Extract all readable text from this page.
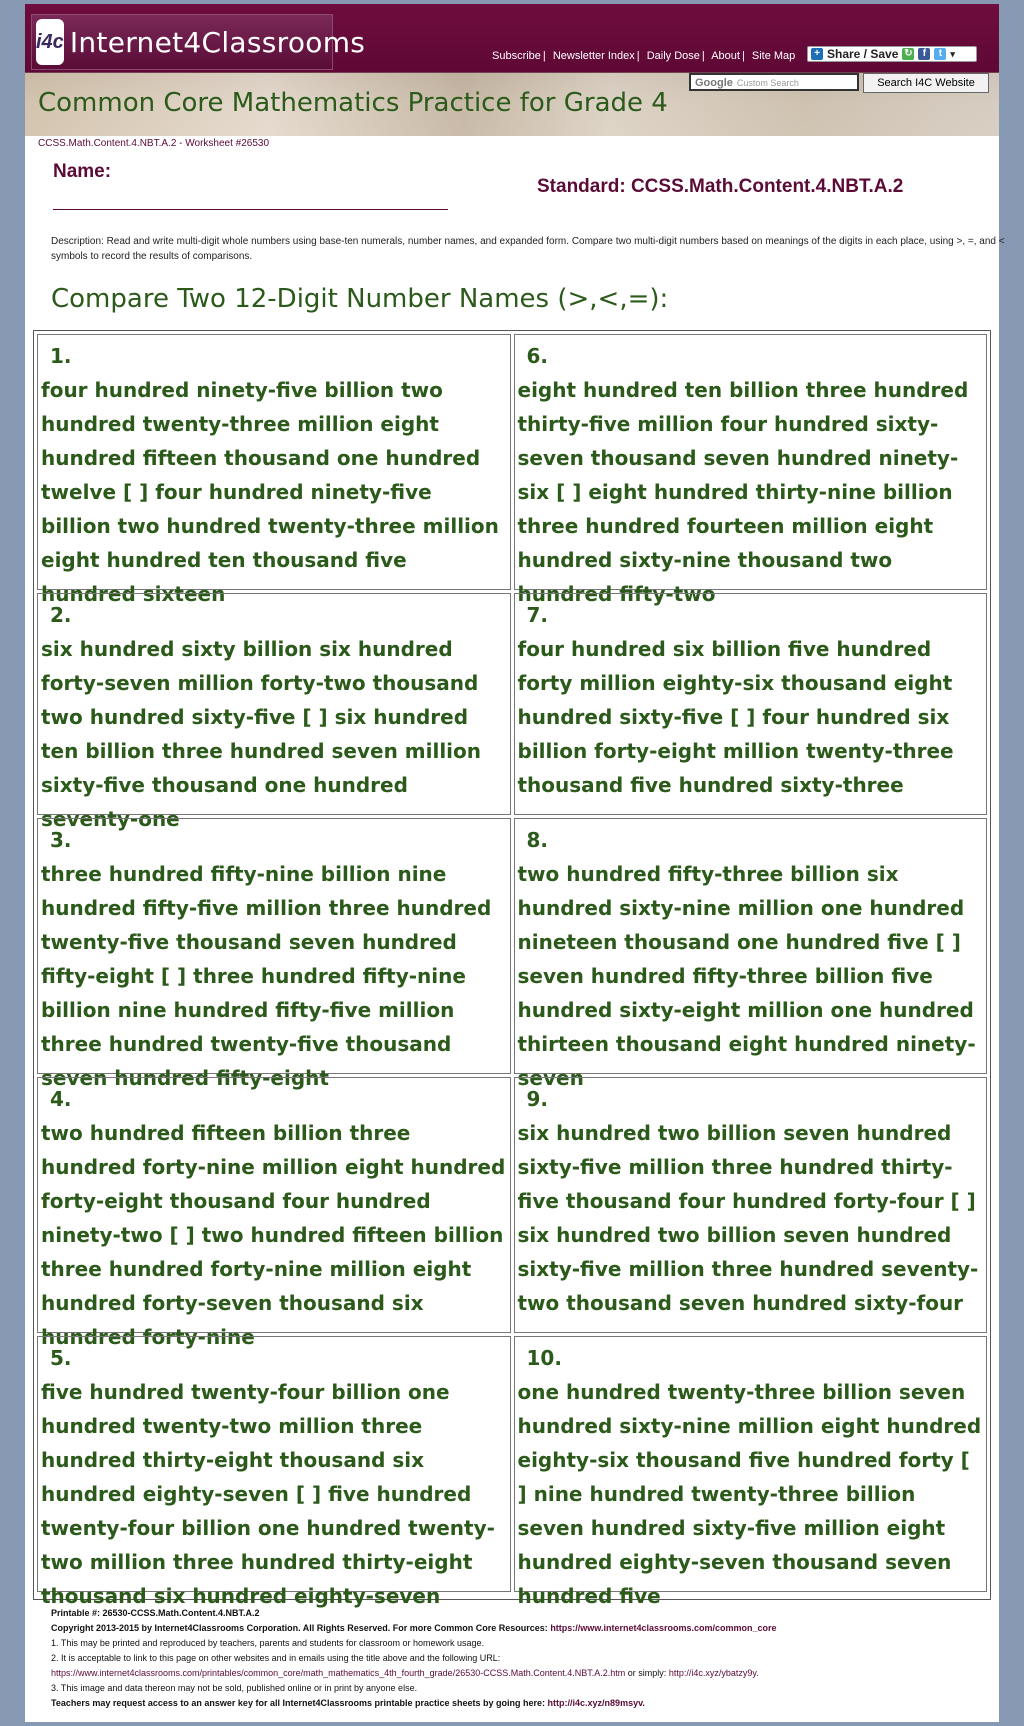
i4c Internet4Classrooms	Subscribe | Newsletter Index | Daily Dose | About | Site Map	+ Share / Save ↻	f	t ▾
Google Custom Search	Search I4C Website
Common Core Mathematics Practice for Grade 4
CCSS.Math.Content.4.NBT.A.2 - Worksheet #26530
Name:
Standard: CCSS.Math.Content.4.NBT.A.2
Description: Read and write multi-digit whole numbers using base-ten numerals, number names, and expanded form. Compare two multi-digit numbers based on meanings of the digits in each place, using >, =, and < symbols to record the results of comparisons.
Compare Two 12-Digit Number Names (>,<,=):
1.
four hundred ninety-five billion two hundred twenty-three million eight hundred fifteen thousand one hundred twelve [ ] four hundred ninety-five billion two hundred twenty-three million eight hundred ten thousand five hundred sixteen
6.
eight hundred ten billion three hundred thirty-five million four hundred sixty-seven thousand seven hundred ninety-six [ ] eight hundred thirty-nine billion three hundred fourteen million eight hundred sixty-nine thousand two hundred fifty-two
2.
six hundred sixty billion six hundred forty-seven million forty-two thousand two hundred sixty-five [ ] six hundred ten billion three hundred seven million sixty-five thousand one hundred seventy-one
7.
four hundred six billion five hundred forty million eighty-six thousand eight hundred sixty-five [ ] four hundred six billion forty-eight million twenty-three thousand five hundred sixty-three
3.
three hundred fifty-nine billion nine hundred fifty-five million three hundred twenty-five thousand seven hundred fifty-eight [ ] three hundred fifty-nine billion nine hundred fifty-five million three hundred twenty-five thousand seven hundred fifty-eight
8.
two hundred fifty-three billion six hundred sixty-nine million one hundred nineteen thousand one hundred five [ ] seven hundred fifty-three billion five hundred sixty-eight million one hundred thirteen thousand eight hundred ninety-seven
4.
two hundred fifteen billion three hundred forty-nine million eight hundred forty-eight thousand four hundred ninety-two [ ] two hundred fifteen billion three hundred forty-nine million eight hundred forty-seven thousand six hundred forty-nine
9.
six hundred two billion seven hundred sixty-five million three hundred thirty-five thousand four hundred forty-four [ ] six hundred two billion seven hundred sixty-five million three hundred seventy-two thousand seven hundred sixty-four
5.
five hundred twenty-four billion one hundred twenty-two million three hundred thirty-eight thousand six hundred eighty-seven [ ] five hundred twenty-four billion one hundred twenty-two million three hundred thirty-eight thousand six hundred eighty-seven
10.
one hundred twenty-three billion seven hundred sixty-nine million eight hundred eighty-six thousand five hundred forty [ ] nine hundred twenty-three billion seven hundred sixty-five million eight hundred eighty-seven thousand seven hundred five
Printable #: 26530-CCSS.Math.Content.4.NBT.A.2
Copyright 2013-2015 by Internet4Classrooms Corporation. All Rights Reserved. For more Common Core Resources: https://www.internet4classrooms.com/common_core
1. This may be printed and reproduced by teachers, parents and students for classroom or homework usage.
2. It is acceptable to link to this page on other websites and in emails using the title above and the following URL:
https://www.internet4classrooms.com/printables/common_core/math_mathematics_4th_fourth_grade/26530-CCSS.Math.Content.4.NBT.A.2.htm or simply: http://i4c.xyz/ybatzy9y.
3. This image and data thereon may not be sold, published online or in print by anyone else.
Teachers may request access to an answer key for all Internet4Classrooms printable practice sheets by going here: http://i4c.xyz/n89msyv.
